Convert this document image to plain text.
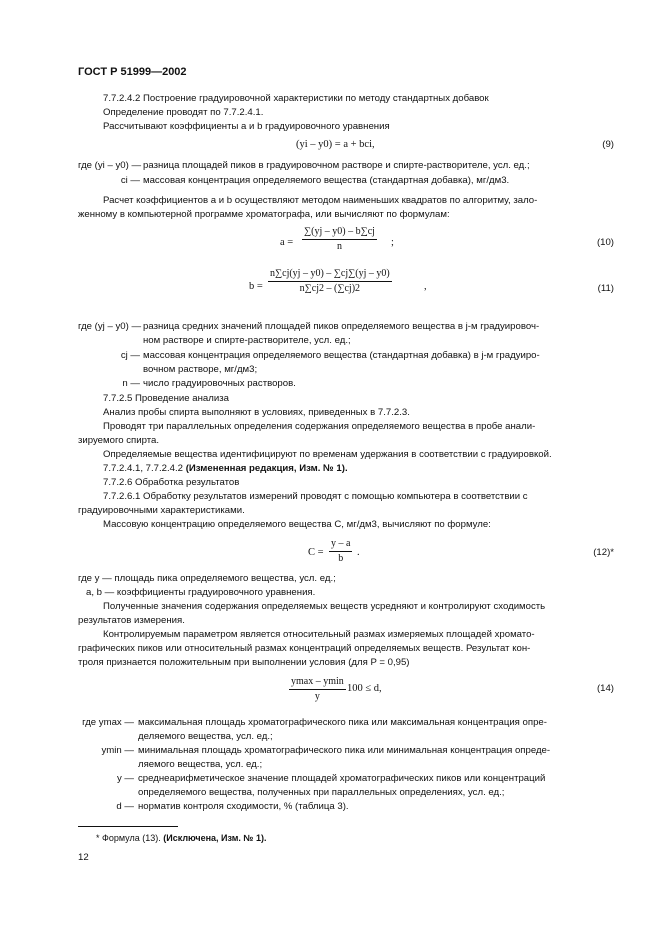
ГОСТ Р 51999—2002
7.7.2.4.2 Построение градуировочной характеристики по методу стандартных добавок
Определение проводят по 7.7.2.4.1.
Рассчитывают коэффициенты a и b градуировочного уравнения
(yi – y0) = a + bci,	(9)
где (yi – y0) — разница площадей пиков в градуировочном растворе и спирте-растворителе, усл. ед.;
ci — массовая концентрация определяемого вещества (стандартная добавка), мг/дм3.
Расчет коэффициентов a и b осуществляют методом наименьших квадратов по алгоритму, зало-
женному в компьютерной программе хроматографа, или вычисляют по формулам:
$a = \frac{\sum(yj - y0) - b\sum cj}{n}$ ;	(10)
$b = \frac{n\sum cj(yj - y0) - \sum cj\sum(yj - y0)}{n\sum cj2 - (\sum cj)2}$	,	(11)
где (yj – y0) — разница средних значений площадей пиков определяемого вещества в j-м градуировоч-
ном растворе и спирте-растворителе, усл. ед.;
cj — массовая концентрация определяемого вещества (стандартная добавка) в j-м градуиро-
вочном растворе, мг/дм3;
n — число градуировочных растворов.
7.7.2.5 Проведение анализа
Анализ пробы спирта выполняют в условиях, приведенных в 7.7.2.3.
Проводят три параллельных определения содержания определяемого вещества в пробе анали-
зируемого спирта.
Определяемые вещества идентифицируют по временам удержания в соответствии с градуировкой.
7.7.2.4.1, 7.7.2.4.2 (Измененная редакция, Изм. № 1).
7.7.2.6 Обработка результатов
7.7.2.6.1 Обработку результатов измерений проводят с помощью компьютера в соответствии с
градуировочными характеристиками.
Массовую концентрацию определяемого вещества C, мг/дм3, вычисляют по формуле:
$C = \frac{y - a}{b}$ .	(12)*
где y — площадь пика определяемого вещества, усл. ед.;
a, b — коэффициенты градуировочного уравнения.
Полученные значения содержания определяемых веществ усредняют и контролируют сходимость
результатов измерения.
Контролируемым параметром является относительный размах измеряемых площадей хромато-
графических пиков или относительный размах концентраций определяемых веществ. Результат кон-
троля признается положительным при выполнении условия (для P = 0,95)
ymax – ymin
y
100 ≤ d,	(14)
где ymax — максимальная площадь хроматографического пика или максимальная концентрация опре-
деляемого вещества, усл. ед.;
ymin — минимальная площадь хроматографического пика или минимальная концентрация опреде-
ляемого вещества, усл. ед.;
y — среднеарифметическое значение площадей хроматографических пиков или концентраций
определяемого вещества, полученных при параллельных определениях, усл. ед.;
d — норматив контроля сходимости, % (таблица 3).
* Формула (13). (Исключена, Изм. № 1).
12
